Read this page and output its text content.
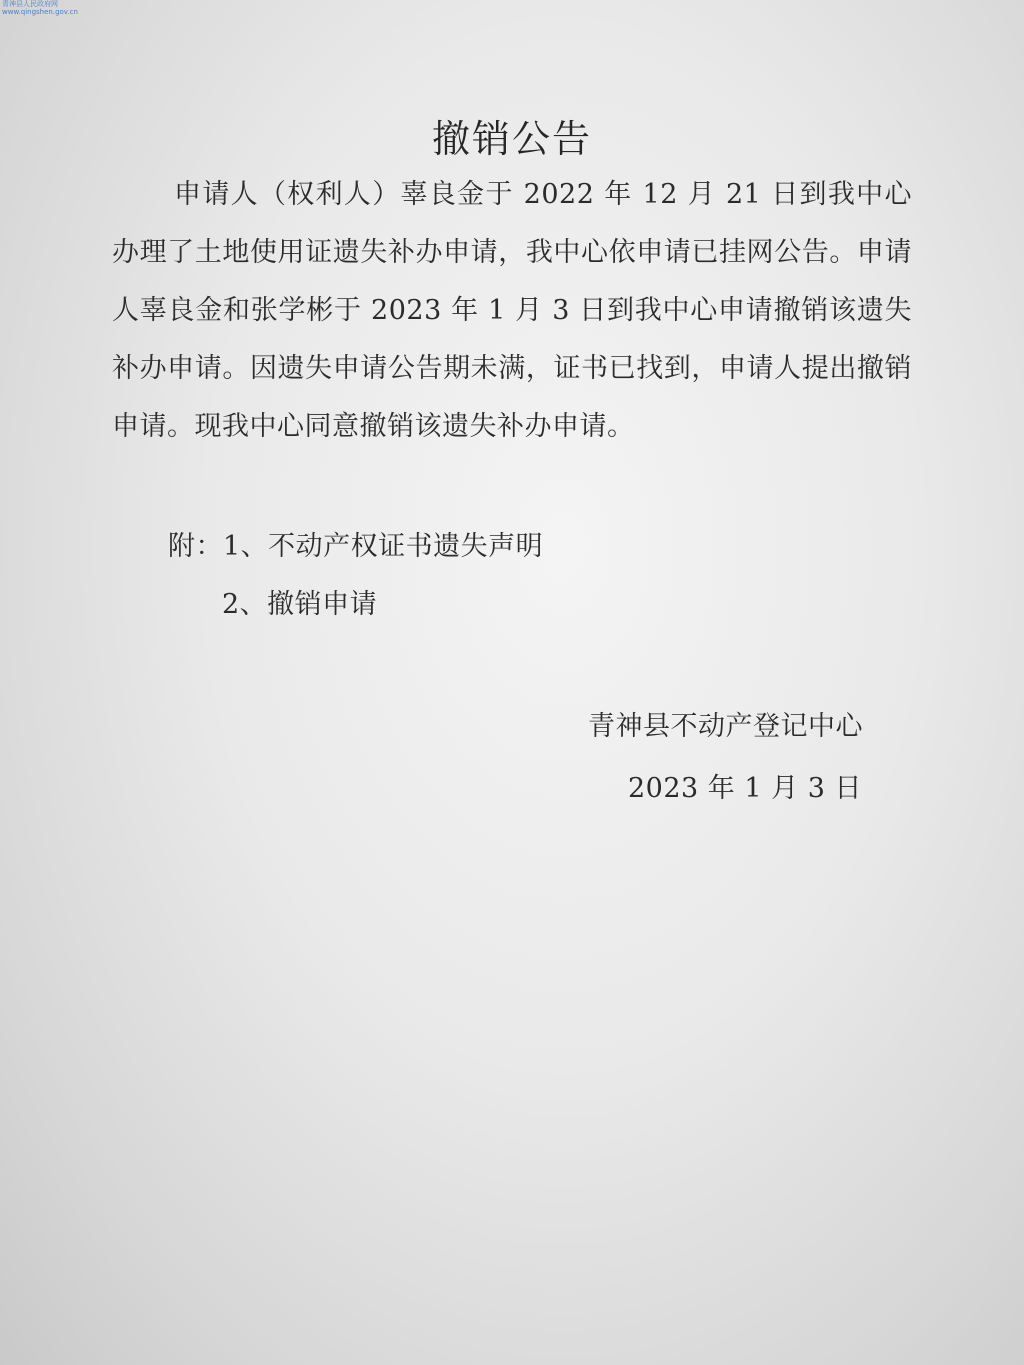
青神县人民政府网
www.qingshen.gov.cn
撤销公告
申请人（权利人）辜良金于 2022 年 12 月 21 日到我中心办理了土地使用证遗失补办申请，我中心依申请已挂网公告。申请人辜良金和张学彬于 2023 年 1 月 3 日到我中心申请撤销该遗失补办申请。因遗失申请公告期未满，证书已找到，申请人提出撤销申请。现我中心同意撤销该遗失补办申请。
附：1、不动产权证书遗失声明
2、撤销申请
青神县不动产登记中心
2023 年 1 月 3 日
